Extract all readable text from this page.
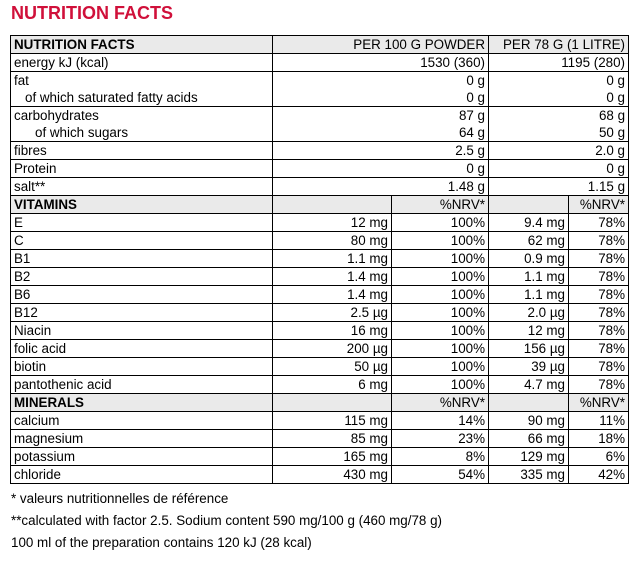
NUTRITION FACTS
NUTRITION FACTS	PER 100 G POWDER		PER 78 G (1 LITRE)	
energy kJ (kcal)	1530 (360)		1195 (280)	
fat	0 g		0 g	
of which saturated fatty acids	0 g		0 g	
carbohydrates	87 g		68 g	
of which sugars	64 g		50 g	
fibres	2.5 g		2.0 g	
Protein	0 g		0 g	
salt**	1.48 g		1.15 g	
VITAMINS		%NRV*		%NRV*
E	12 mg	100%	9.4 mg	78%
C	80 mg	100%	62 mg	78%
B1	1.1 mg	100%	0.9 mg	78%
B2	1.4 mg	100%	1.1 mg	78%
B6	1.4 mg	100%	1.1 mg	78%
B12	2.5 µg	100%	2.0 µg	78%
Niacin	16 mg	100%	12 mg	78%
folic acid	200 µg	100%	156 µg	78%
biotin	50 µg	100%	39 µg	78%
pantothenic acid	6 mg	100%	4.7 mg	78%
MINERALS		%NRV*		%NRV*
calcium	115 mg	14%	90 mg	11%
magnesium	85 mg	23%	66 mg	18%
potassium	165 mg	8%	129 mg	6%
chloride	430 mg	54%	335 mg	42%
* valeurs nutritionnelles de référence
**calculated with factor 2.5. Sodium content 590 mg/100 g (460 mg/78 g)
100 ml of the preparation contains 120 kJ (28 kcal)
